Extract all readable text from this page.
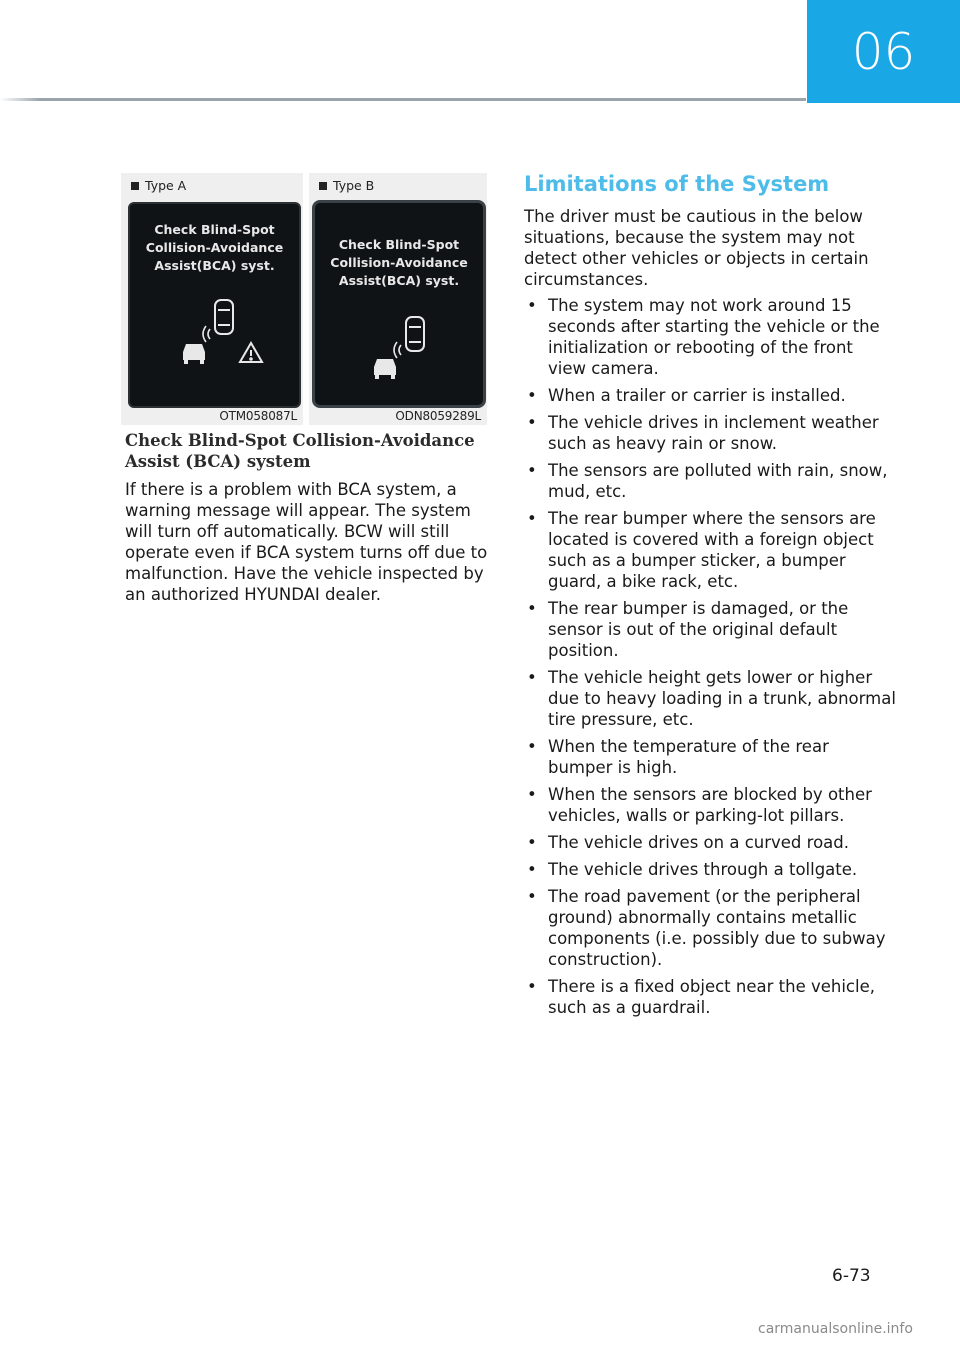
06
Type A
Check Blind-Spot
Collision-Avoidance
Assist(BCA) syst.
OTM058087L
Type B
Check Blind-Spot
Collision-Avoidance
Assist(BCA) syst.
ODN8059289L
Check Blind-Spot Collision-Avoidance Assist (BCA) system

If there is a problem with BCA system, a warning message will appear. The system will turn off automatically. BCW will still operate even if BCA system turns off due to malfunction. Have the vehicle inspected by an authorized HYUNDAI dealer.

Limitations of the System

The driver must be cautious in the below situations, because the system may not detect other vehicles or objects in certain circumstances.

• The system may not work around 15 seconds after starting the vehicle or the initialization or rebooting of the front view camera.
• When a trailer or carrier is installed.
• The vehicle drives in inclement weather such as heavy rain or snow.
• The sensors are polluted with rain, snow, mud, etc.
• The rear bumper where the sensors are located is covered with a foreign object such as a bumper sticker, a bumper guard, a bike rack, etc.
• The rear bumper is damaged, or the sensor is out of the original default position.
• The vehicle height gets lower or higher due to heavy loading in a trunk, abnormal tire pressure, etc.
• When the temperature of the rear bumper is high.
• When the sensors are blocked by other vehicles, walls or parking-lot pillars.
• The vehicle drives on a curved road.
• The vehicle drives through a tollgate.
• The road pavement (or the peripheral ground) abnormally contains metallic components (i.e. possibly due to subway construction).
• There is a fixed object near the vehicle, such as a guardrail.
6-73
carmanualsonline.info
